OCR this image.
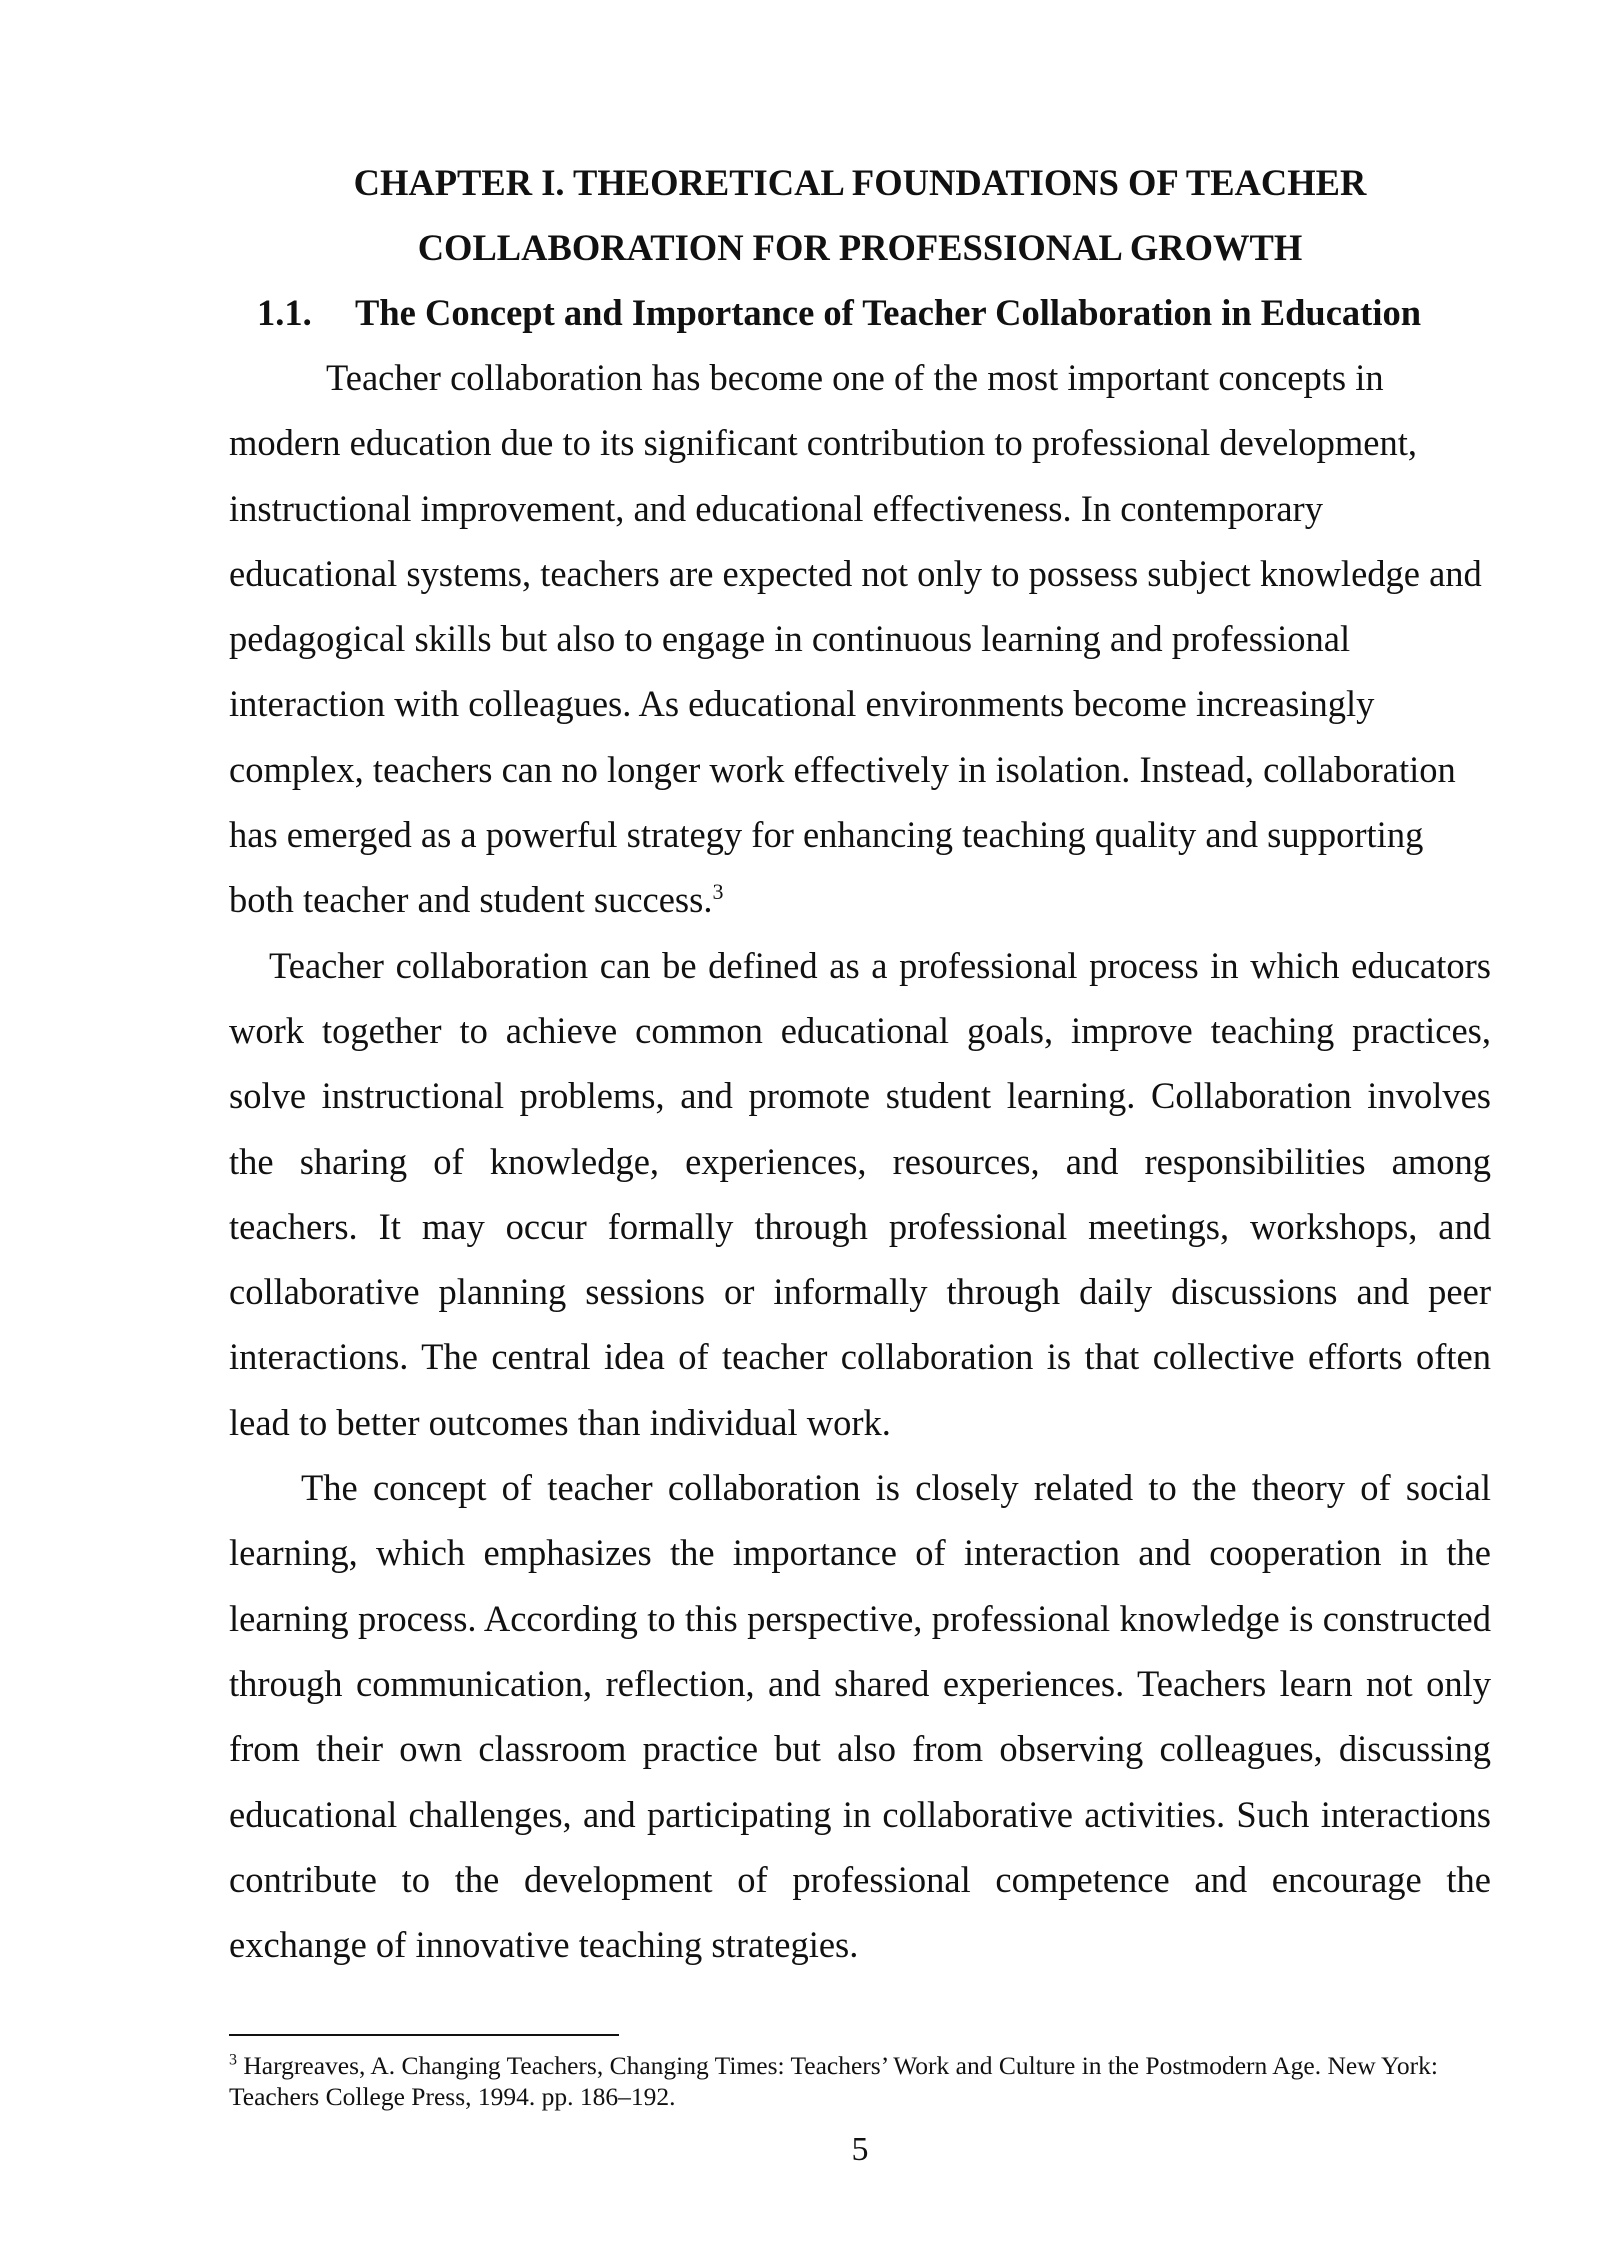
CHAPTER I. THEORETICAL FOUNDATIONS OF TEACHER
COLLABORATION FOR PROFESSIONAL GROWTH
1.1. The Concept and Importance of Teacher Collaboration in Education

Teacher collaboration has become one of the most important concepts in modern education due to its significant contribution to professional development, instructional improvement, and educational effectiveness. In contemporary educational systems, teachers are expected not only to possess subject knowledge and pedagogical skills but also to engage in continuous learning and professional interaction with colleagues. As educational environments become increasingly complex, teachers can no longer work effectively in isolation. Instead, collaboration has emerged as a powerful strategy for enhancing teaching quality and supporting both teacher and student success.$^3$

Teacher collaboration can be defined as a professional process in which educators work together to achieve common educational goals, improve teaching practices, solve instructional problems, and promote student learning. Collaboration involves the sharing of knowledge, experiences, resources, and responsibilities among teachers. It may occur formally through professional meetings, workshops, and collaborative planning sessions or informally through daily discussions and peer interactions. The central idea of teacher collaboration is that collective efforts often lead to better outcomes than individual work.

The concept of teacher collaboration is closely related to the theory of social learning, which emphasizes the importance of interaction and cooperation in the learning process. According to this perspective, professional knowledge is constructed through communication, reflection, and shared experiences. Teachers learn not only from their own classroom practice but also from observing colleagues, discussing educational challenges, and participating in collaborative activities. Such interactions contribute to the development of professional competence and encourage the exchange of innovative teaching strategies.

$^3$ Hargreaves, A. Changing Teachers, Changing Times: Teachers’ Work and Culture in the Postmodern Age. New York: Teachers College Press, 1994. pp. 186–192.
5
